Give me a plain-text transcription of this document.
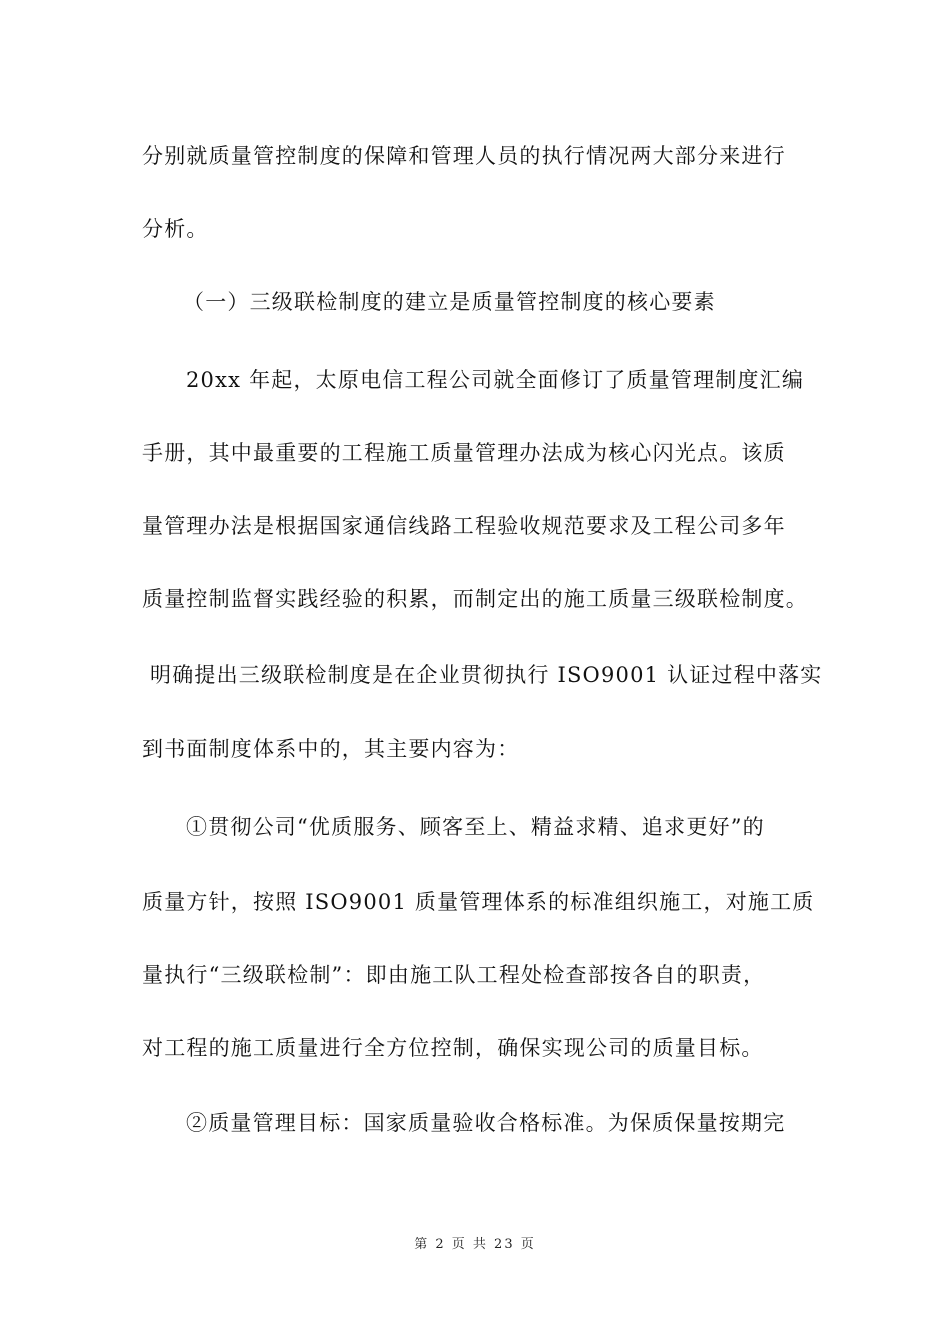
分别就质量管控制度的保障和管理人员的执行情况两大部分来进行
分析。
（一）三级联检制度的建立是质量管控制度的核心要素
20xx 年起，太原电信工程公司就全面修订了质量管理制度汇编
手册，其中最重要的工程施工质量管理办法成为核心闪光点。该质
量管理办法是根据国家通信线路工程验收规范要求及工程公司多年
质量控制监督实践经验的积累，而制定出的施工质量三级联检制度。
明确提出三级联检制度是在企业贯彻执行 ISO9001 认证过程中落实
到书面制度体系中的，其主要内容为：
①贯彻公司“优质服务、顾客至上、精益求精、追求更好”的
质量方针，按照 ISO9001 质量管理体系的标准组织施工，对施工质
量执行“三级联检制”：即由施工队工程处检查部按各自的职责，
对工程的施工质量进行全方位控制，确保实现公司的质量目标。
②质量管理目标：国家质量验收合格标准。为保质保量按期完
第 2 页 共 23 页
